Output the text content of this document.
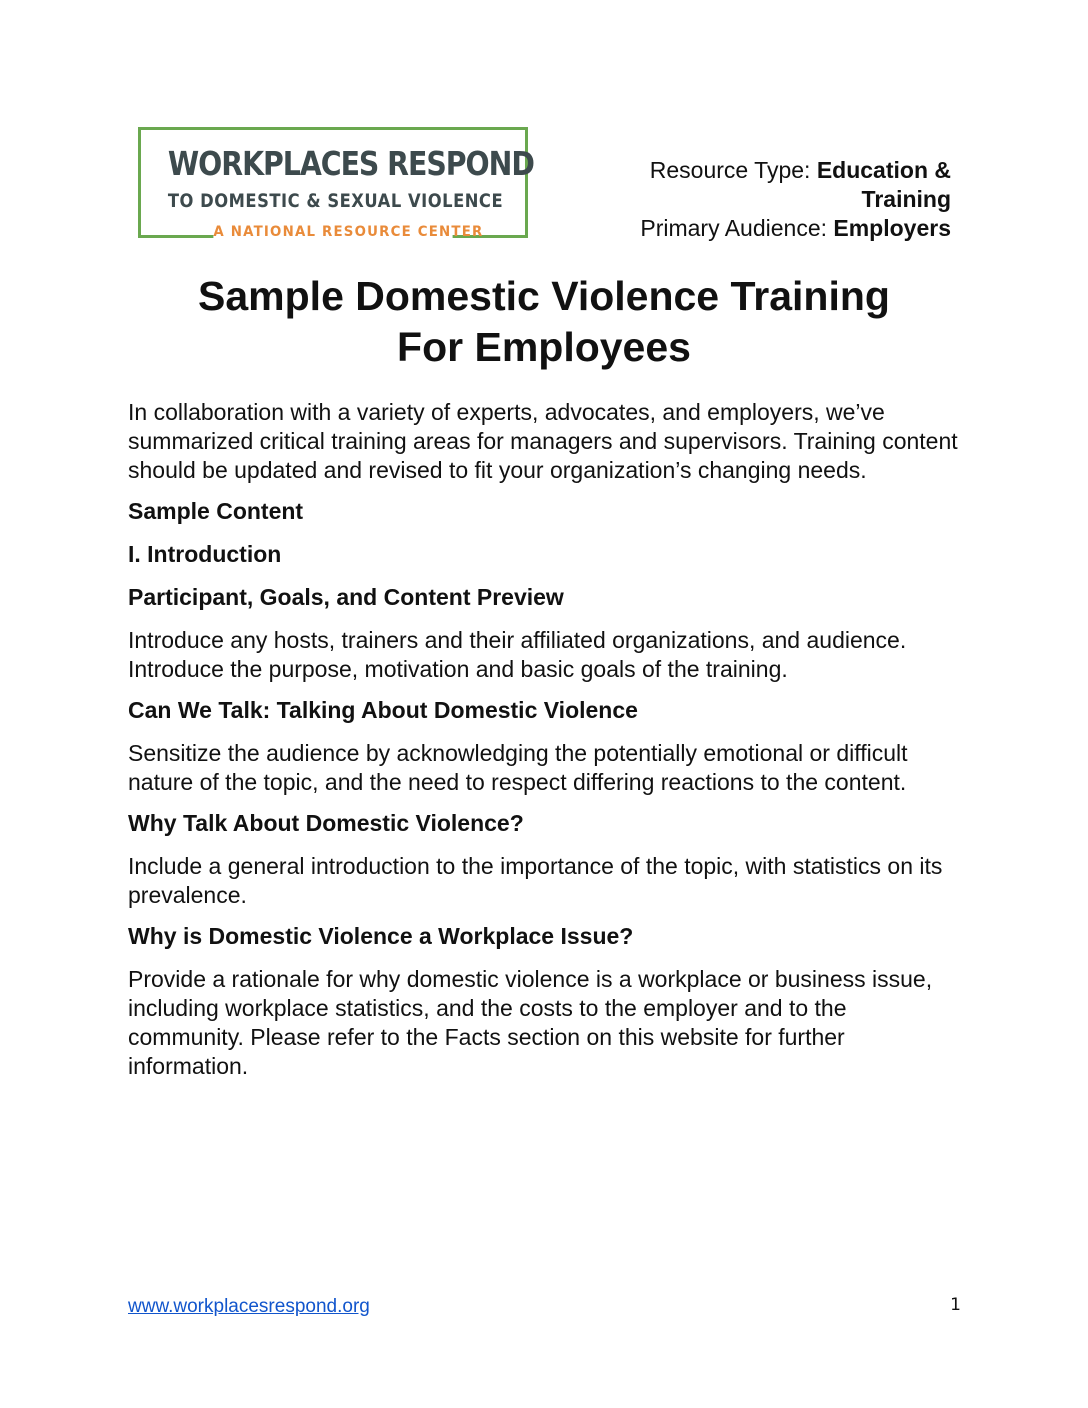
WORKPLACES RESPOND
TO DOMESTIC & SEXUAL VIOLENCE
A NATIONAL RESOURCE CENTER
Resource Type: Education & Training
Primary Audience: Employers
Sample Domestic Violence Training
For Employees

In collaboration with a variety of experts, advocates, and employers, we’ve summarized critical training areas for managers and supervisors. Training content should be updated and revised to fit your organization’s changing needs.

Sample Content
I. Introduction
Participant, Goals, and Content Preview

Introduce any hosts, trainers and their affiliated organizations, and audience. Introduce the purpose, motivation and basic goals of the training.

Can We Talk: Talking About Domestic Violence

Sensitize the audience by acknowledging the potentially emotional or difficult nature of the topic, and the need to respect differing reactions to the content.

Why Talk About Domestic Violence?

Include a general introduction to the importance of the topic, with statistics on its prevalence.

Why is Domestic Violence a Workplace Issue?

Provide a rationale for why domestic violence is a workplace or business issue, including workplace statistics, and the costs to the employer and to the community. Please refer to the Facts section on this website for further information.

www.workplacesrespond.org	1
